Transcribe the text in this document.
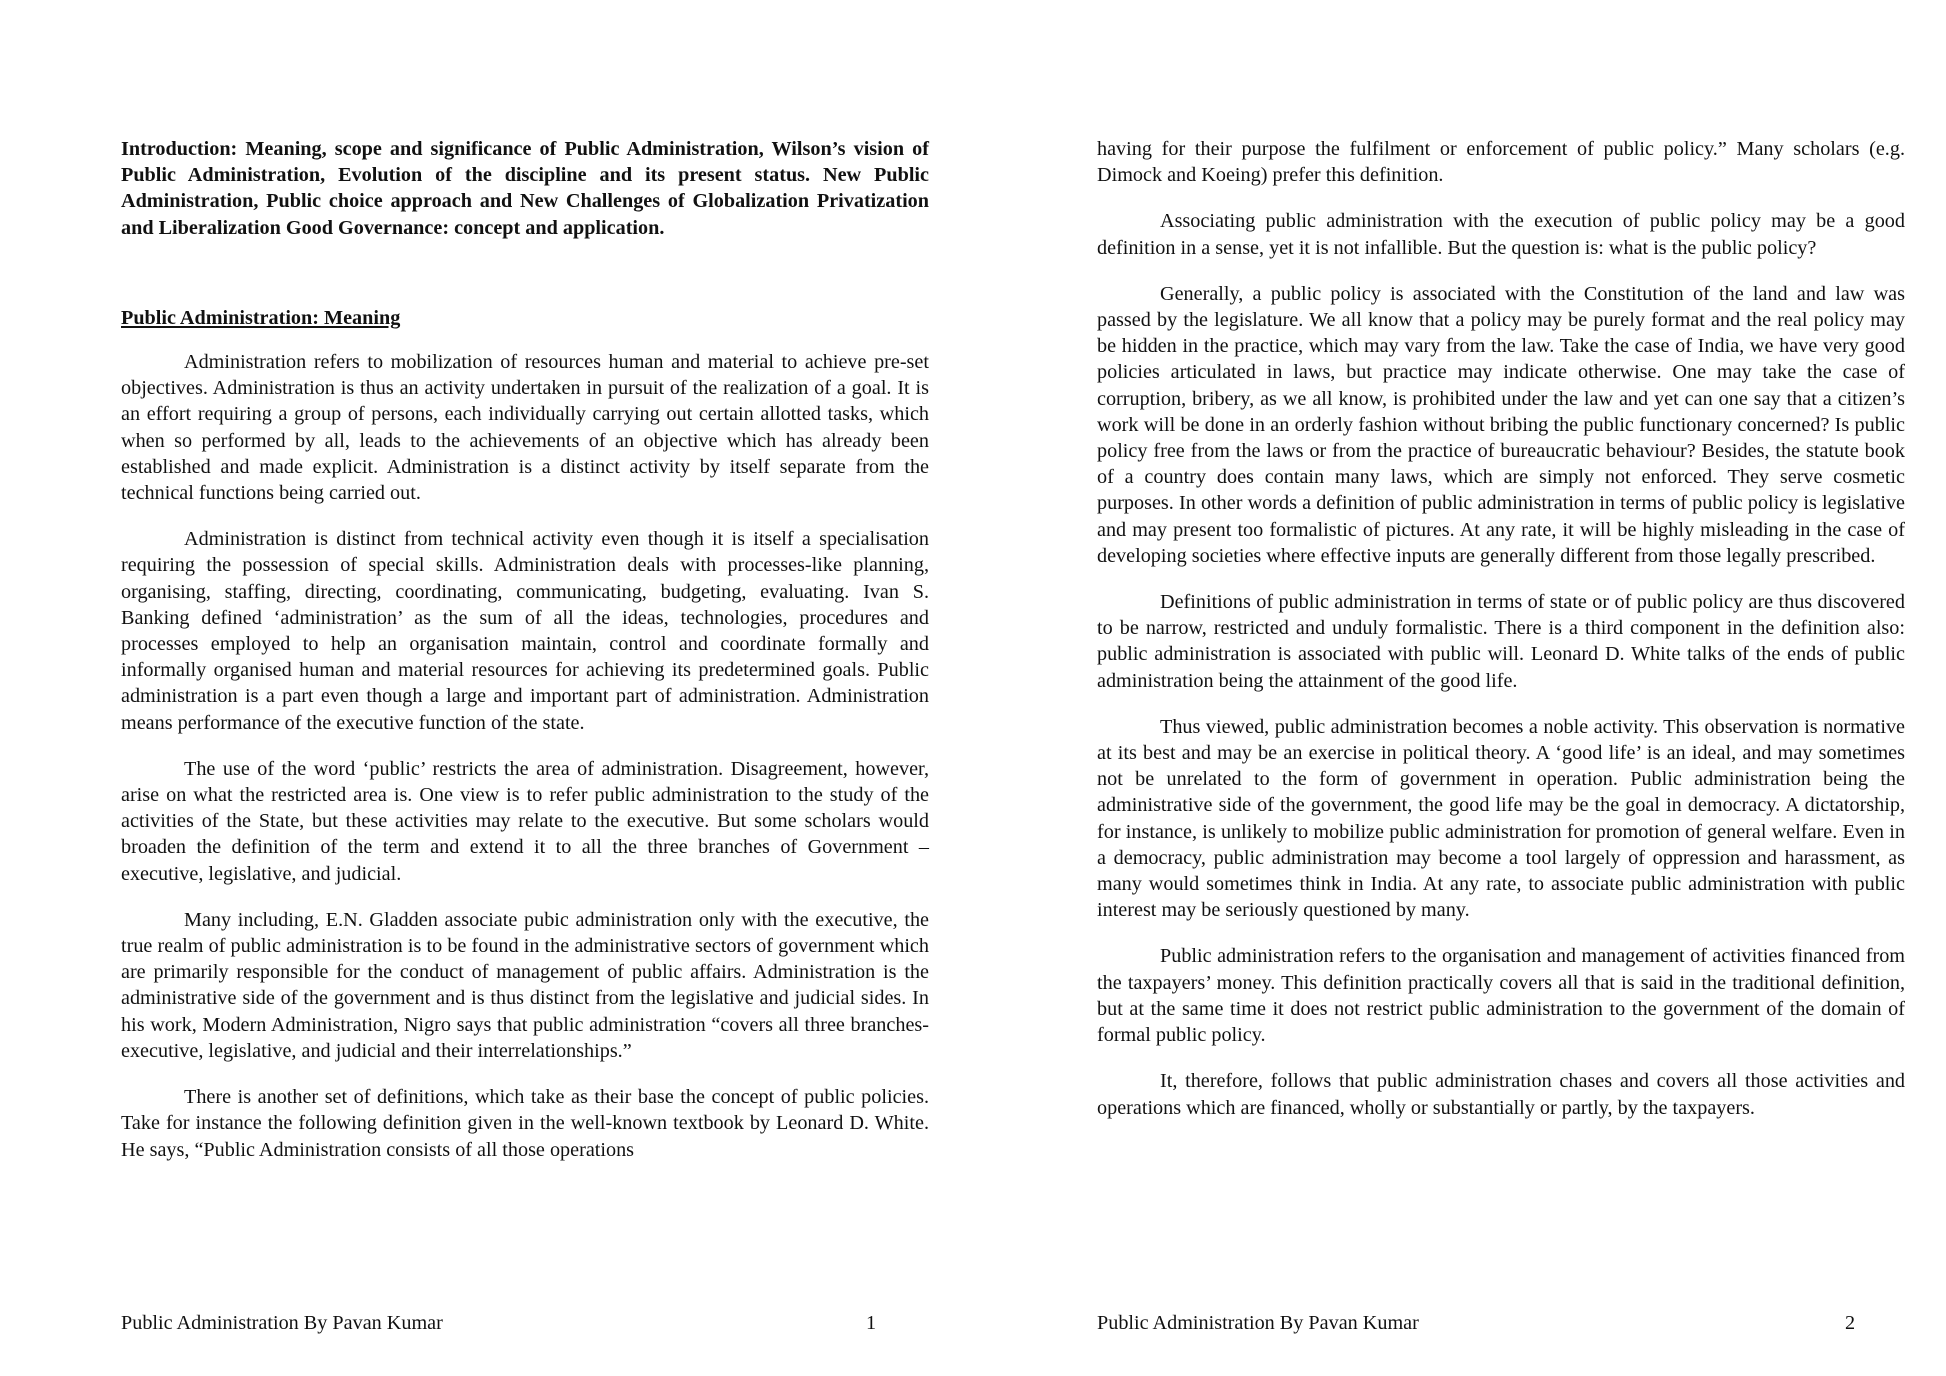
Introduction: Meaning, scope and significance of Public Administration, Wilson’s vision of Public Administration, Evolution of the discipline and its present status. New Public Administration, Public choice approach and New Challenges of Globalization Privatization and Liberalization Good Governance: concept and application.

Public Administration: Meaning

Administration refers to mobilization of resources human and material to achieve pre-set objectives. Administration is thus an activity undertaken in pursuit of the realization of a goal. It is an effort requiring a group of persons, each individually carrying out certain allotted tasks, which when so performed by all, leads to the achievements of an objective which has already been established and made explicit. Administration is a distinct activity by itself separate from the technical functions being carried out.

Administration is distinct from technical activity even though it is itself a specialisation requiring the possession of special skills. Administration deals with processes-like planning, organising, staffing, directing, coordinating, communicating, budgeting, evaluating. Ivan S. Banking defined ‘administration’ as the sum of all the ideas, technologies, procedures and processes employed to help an organisation maintain, control and coordinate formally and informally organised human and material resources for achieving its predetermined goals. Public administration is a part even though a large and important part of administration. Administration means performance of the executive function of the state.

The use of the word ‘public’ restricts the area of administration. Disagreement, however, arise on what the restricted area is. One view is to refer public administration to the study of the activities of the State, but these activities may relate to the executive. But some scholars would broaden the definition of the term and extend it to all the three branches of Government – executive, legislative, and judicial.

Many including, E.N. Gladden associate pubic administration only with the executive, the true realm of public administration is to be found in the administrative sectors of government which are primarily responsible for the conduct of management of public affairs. Administration is the administrative side of the government and is thus distinct from the legislative and judicial sides. In his work, Modern Administration, Nigro says that public administration “covers all three branches-executive, legislative, and judicial and their interrelationships.”

There is another set of definitions, which take as their base the concept of public policies. Take for instance the following definition given in the well-known textbook by Leonard D. White. He says, “Public Administration consists of all those operations

Public Administration By Pavan Kumar	1

having for their purpose the fulfilment or enforcement of public policy.” Many scholars (e.g. Dimock and Koeing) prefer this definition.

Associating public administration with the execution of public policy may be a good definition in a sense, yet it is not infallible. But the question is: what is the public policy?

Generally, a public policy is associated with the Constitution of the land and law was passed by the legislature. We all know that a policy may be purely format and the real policy may be hidden in the practice, which may vary from the law. Take the case of India, we have very good policies articulated in laws, but practice may indicate otherwise. One may take the case of corruption, bribery, as we all know, is prohibited under the law and yet can one say that a citizen’s work will be done in an orderly fashion without bribing the public functionary concerned? Is public policy free from the laws or from the practice of bureaucratic behaviour? Besides, the statute book of a country does contain many laws, which are simply not enforced. They serve cosmetic purposes. In other words a definition of public administration in terms of public policy is legislative and may present too formalistic of pictures. At any rate, it will be highly misleading in the case of developing societies where effective inputs are generally different from those legally prescribed.

Definitions of public administration in terms of state or of public policy are thus discovered to be narrow, restricted and unduly formalistic. There is a third component in the definition also: public administration is associated with public will. Leonard D. White talks of the ends of public administration being the attainment of the good life.

Thus viewed, public administration becomes a noble activity. This observation is normative at its best and may be an exercise in political theory. A ‘good life’ is an ideal, and may sometimes not be unrelated to the form of government in operation. Public administration being the administrative side of the government, the good life may be the goal in democracy. A dictatorship, for instance, is unlikely to mobilize public administration for promotion of general welfare. Even in a democracy, public administration may become a tool largely of oppression and harassment, as many would sometimes think in India. At any rate, to associate public administration with public interest may be seriously questioned by many.

Public administration refers to the organisation and management of activities financed from the taxpayers’ money. This definition practically covers all that is said in the traditional definition, but at the same time it does not restrict public administration to the government of the domain of formal public policy.

It, therefore, follows that public administration chases and covers all those activities and operations which are financed, wholly or substantially or partly, by the taxpayers.

Public Administration By Pavan Kumar	2
